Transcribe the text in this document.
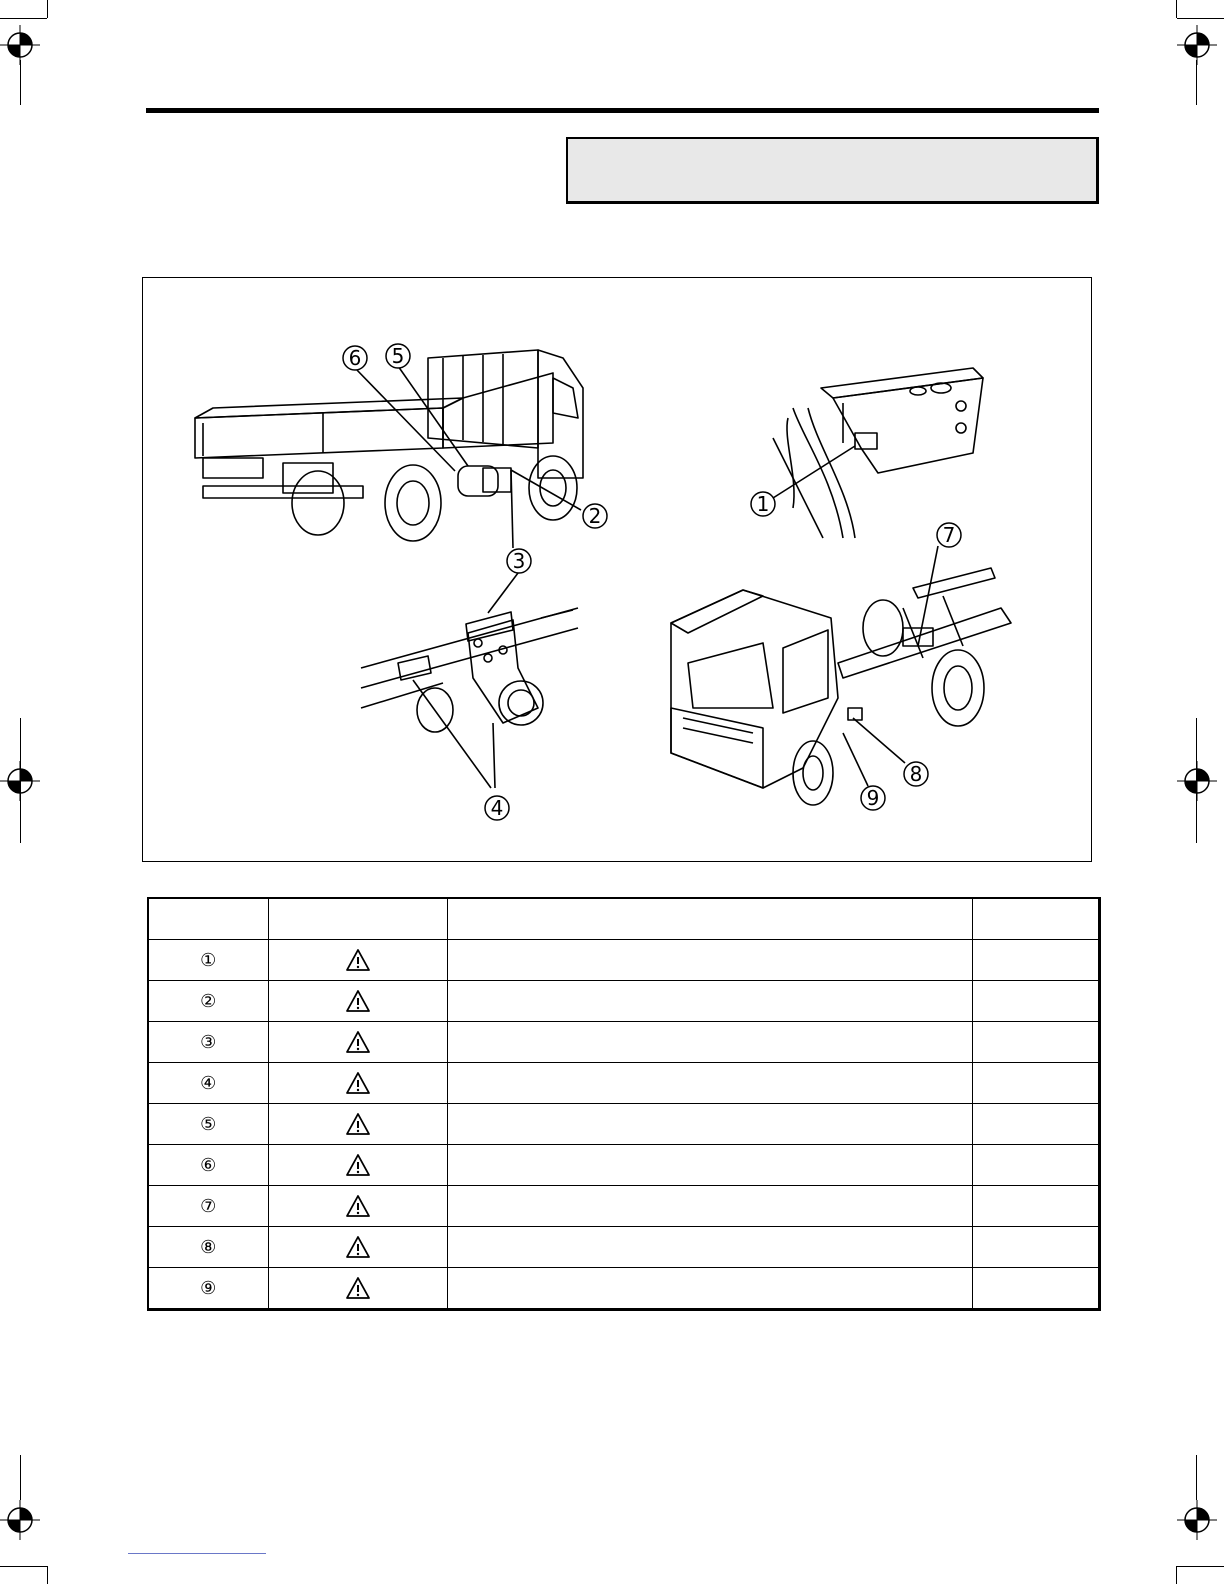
6 5
2
3
4
1
7
8
9

①			
②			
③			
④			
⑤			
⑥			
⑦			
⑧			
⑨			
